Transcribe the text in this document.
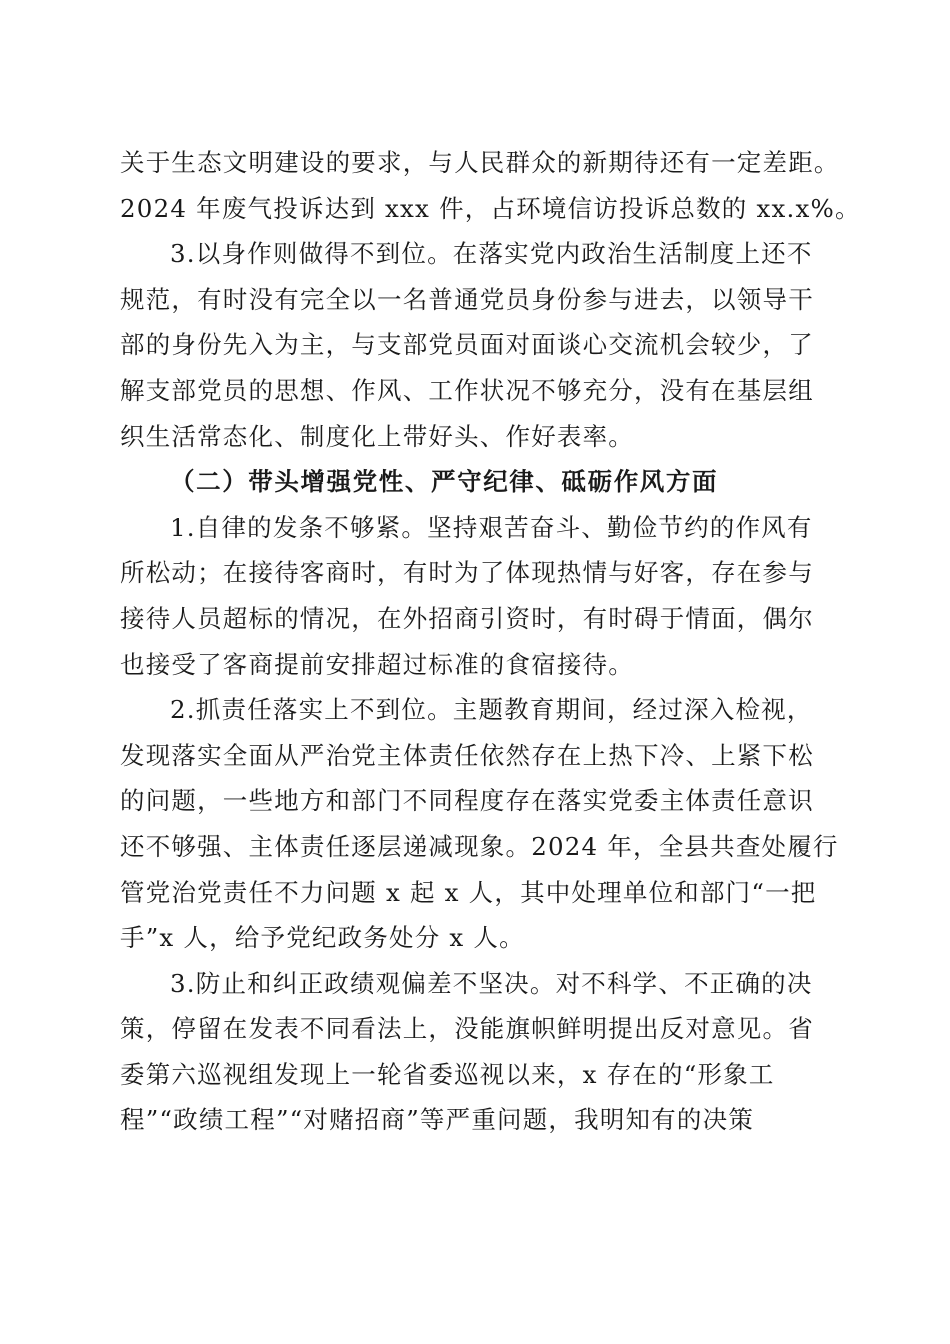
关于生态文明建设的要求，与人民群众的新期待还有一定差距。
2024 年废气投诉达到 xxx 件，占环境信访投诉总数的 xx.x%。
3.以身作则做得不到位。在落实党内政治生活制度上还不
规范，有时没有完全以一名普通党员身份参与进去，以领导干
部的身份先入为主，与支部党员面对面谈心交流机会较少，了
解支部党员的思想、作风、工作状况不够充分，没有在基层组
织生活常态化、制度化上带好头、作好表率。
（二）带头增强党性、严守纪律、砥砺作风方面
1.自律的发条不够紧。坚持艰苦奋斗、勤俭节约的作风有
所松动；在接待客商时，有时为了体现热情与好客，存在参与
接待人员超标的情况，在外招商引资时，有时碍于情面，偶尔
也接受了客商提前安排超过标准的食宿接待。
2.抓责任落实上不到位。主题教育期间，经过深入检视，
发现落实全面从严治党主体责任依然存在上热下冷、上紧下松
的问题，一些地方和部门不同程度存在落实党委主体责任意识
还不够强、主体责任逐层递减现象。2024 年，全县共查处履行
管党治党责任不力问题 x 起 x 人，其中处理单位和部门“一把
手”x 人，给予党纪政务处分 x 人。
3.防止和纠正政绩观偏差不坚决。对不科学、不正确的决
策，停留在发表不同看法上，没能旗帜鲜明提出反对意见。省
委第六巡视组发现上一轮省委巡视以来，x 存在的“形象工
程”“政绩工程”“对赌招商”等严重问题，我明知有的决策
